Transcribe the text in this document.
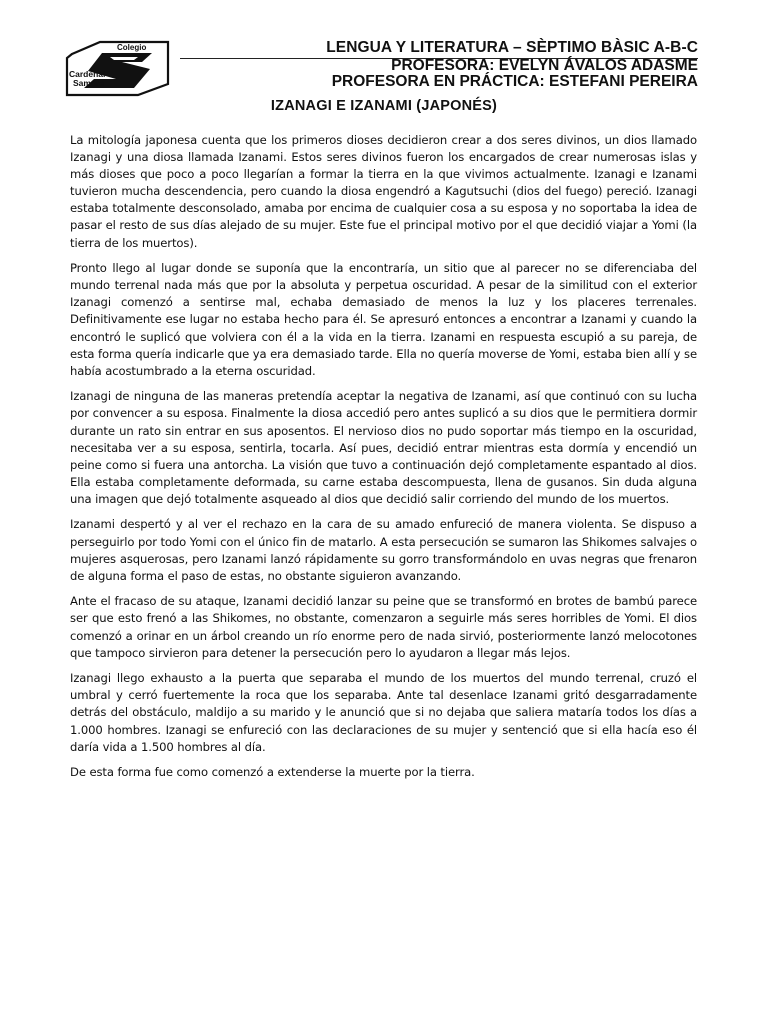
Colegio
Cardenal
Samore
LENGUA Y LITERATURA – SÈPTIMO BÀSIC A-B-C
PROFESORA: EVELYN ÁVALOS ADASME
PROFESORA EN PRÁCTICA: ESTEFANI PEREIRA
IZANAGI E IZANAMI (JAPONÉS)

La mitología japonesa cuenta que los primeros dioses decidieron crear a dos seres divinos, un dios llamado Izanagi y una diosa llamada Izanami. Estos seres divinos fueron los encargados de crear numerosas islas y más dioses que poco a poco llegarían a formar la tierra en la que vivimos actualmente. Izanagi e Izanami tuvieron mucha descendencia, pero cuando la diosa engendró a Kagutsuchi (dios del fuego) pereció. Izanagi estaba totalmente desconsolado, amaba por encima de cualquier cosa a su esposa y no soportaba la idea de pasar el resto de sus días alejado de su mujer. Este fue el principal motivo por el que decidió viajar a Yomi (la tierra de los muertos).

Pronto llego al lugar donde se suponía que la encontraría, un sitio que al parecer no se diferenciaba del mundo terrenal nada más que por la absoluta y perpetua oscuridad. A pesar de la similitud con el exterior Izanagi comenzó a sentirse mal, echaba demasiado de menos la luz y los placeres terrenales. Definitivamente ese lugar no estaba hecho para él. Se apresuró entonces a encontrar a Izanami y cuando la encontró le suplicó que volviera con él a la vida en la tierra. Izanami en respuesta escupió a su pareja, de esta forma quería indicarle que ya era demasiado tarde. Ella no quería moverse de Yomi, estaba bien allí y se había acostumbrado a la eterna oscuridad.

Izanagi de ninguna de las maneras pretendía aceptar la negativa de Izanami, así que continuó con su lucha por convencer a su esposa. Finalmente la diosa accedió pero antes suplicó a su dios que le permitiera dormir durante un rato sin entrar en sus aposentos. El nervioso dios no pudo soportar más tiempo en la oscuridad, necesitaba ver a su esposa, sentirla, tocarla. Así pues, decidió entrar mientras esta dormía y encendió un peine como si fuera una antorcha. La visión que tuvo a continuación dejó completamente espantado al dios. Ella estaba completamente deformada, su carne estaba descompuesta, llena de gusanos. Sin duda alguna una imagen que dejó totalmente asqueado al dios que decidió salir corriendo del mundo de los muertos.

Izanami despertó y al ver el rechazo en la cara de su amado enfureció de manera violenta. Se dispuso a perseguirlo por todo Yomi con el único fin de matarlo. A esta persecución se sumaron las Shikomes salvajes o mujeres asquerosas, pero Izanami lanzó rápidamente su gorro transformándolo en uvas negras que frenaron de alguna forma el paso de estas, no obstante siguieron avanzando.

Ante el fracaso de su ataque, Izanami decidió lanzar su peine que se transformó en brotes de bambú parece ser que esto frenó a las Shikomes, no obstante, comenzaron a seguirle más seres horribles de Yomi. El dios comenzó a orinar en un árbol creando un río enorme pero de nada sirvió, posteriormente lanzó melocotones que tampoco sirvieron para detener la persecución pero lo ayudaron a llegar más lejos.

Izanagi llego exhausto a la puerta que separaba el mundo de los muertos del mundo terrenal, cruzó el umbral y cerró fuertemente la roca que los separaba. Ante tal desenlace Izanami gritó desgarradamente detrás del obstáculo, maldijo a su marido y le anunció que si no dejaba que saliera mataría todos los días a 1.000 hombres. Izanagi se enfureció con las declaraciones de su mujer y sentenció que si ella hacía eso él daría vida a 1.500 hombres al día.

De esta forma fue como comenzó a extenderse la muerte por la tierra.
